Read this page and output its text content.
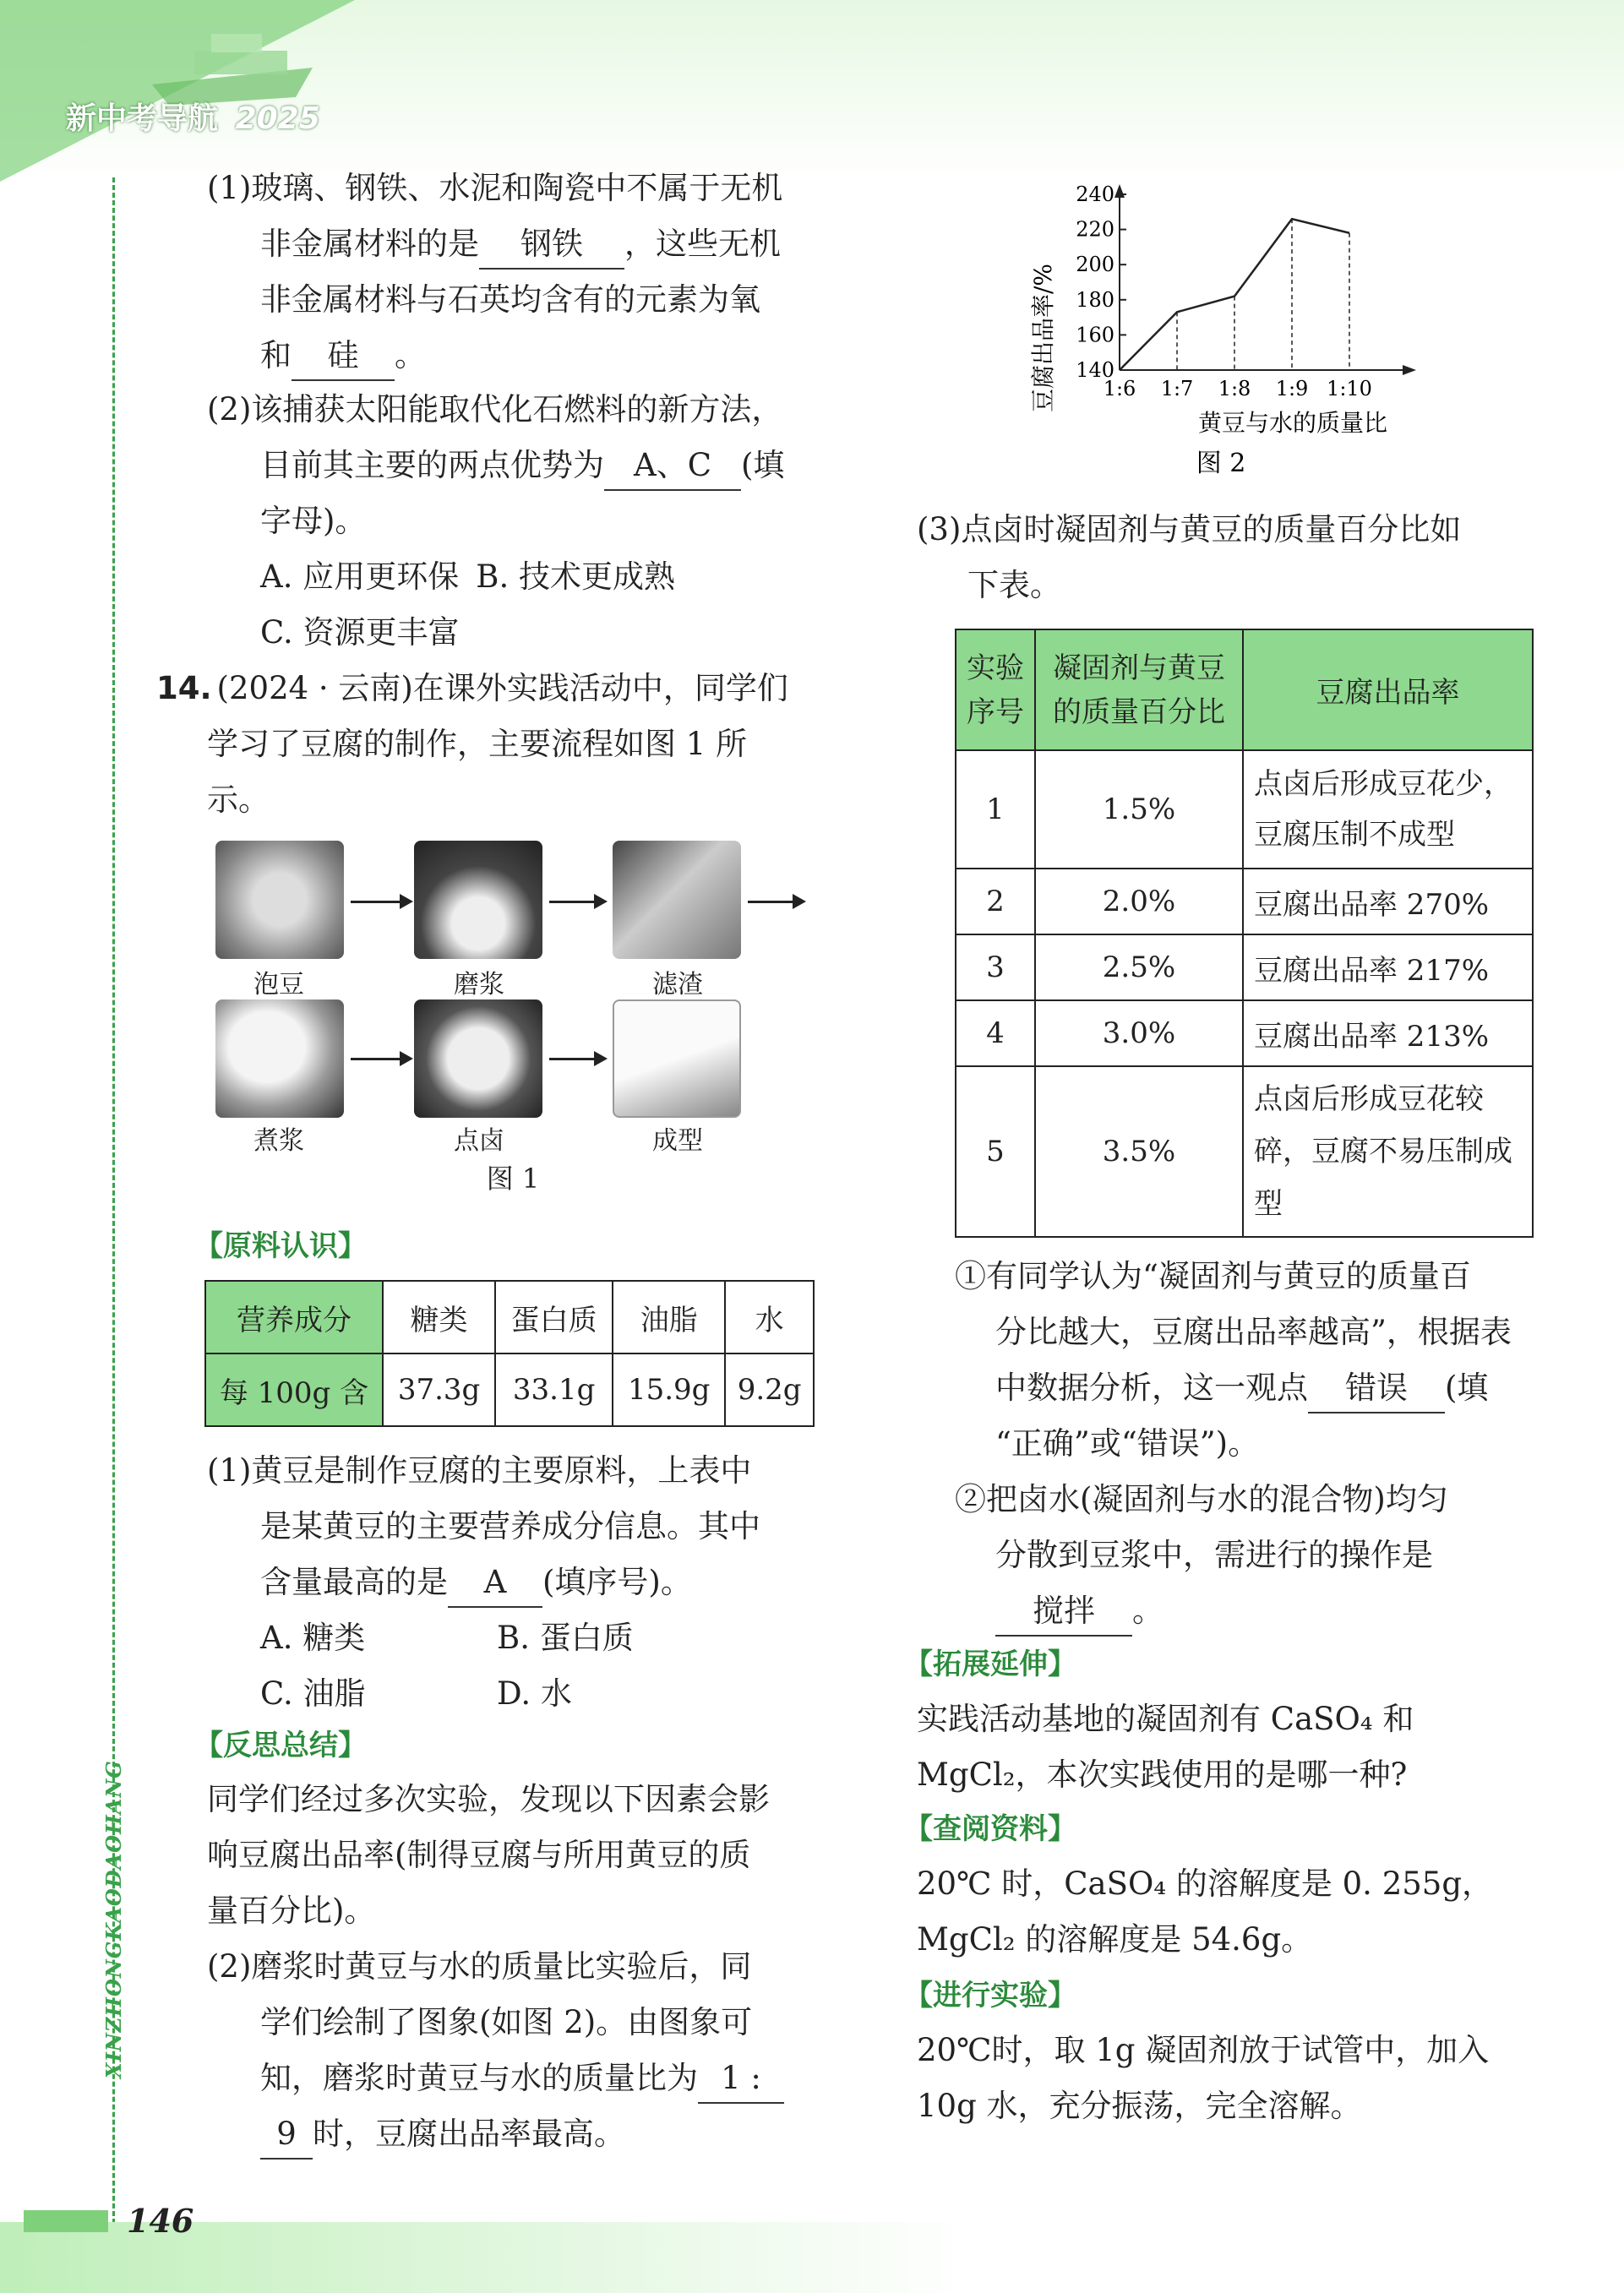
新中考导航 2025
XINZHONGKAODAOHANG
146
(1)玻璃、钢铁、水泥和陶瓷中不属于无机
非金属材料的是 钢铁 ，这些无机
非金属材料与石英均含有的元素为氧
和 硅 。
(2)该捕获太阳能取代化石燃料的新方法，
目前其主要的两点优势为 A、C (填
字母)。
A. 应用更环保 B. 技术更成熟
C. 资源更丰富
14. (2024 · 云南)在课外实践活动中，同学们
学习了豆腐的制作，主要流程如图 1 所
示。
泡豆	磨浆	滤渣
煮浆	点卤	成型
图 1
【原料认识】
营养成分	糖类	蛋白质	油脂	水
每 100g 含	37.3g	33.1g	15.9g	9.2g
(1)黄豆是制作豆腐的主要原料，上表中
是某黄豆的主要营养成分信息。其中
含量最高的是 A (填序号)。
A. 糖类	B. 蛋白质
C. 油脂	D. 水
【反思总结】
同学们经过多次实验，发现以下因素会影
响豆腐出品率(制得豆腐与所用黄豆的质
量百分比)。
(2)磨浆时黄豆与水的质量比实验后，同
学们绘制了图象(如图 2)。由图象可
知，磨浆时黄豆与水的质量比为 1 :
9 时，豆腐出品率最高。
豆腐出品率/% 140
160
180
200
220
240
1:6 1:7 1:8 1:9 1:10
黄豆与水的质量比
图 2
(3)点卤时凝固剂与黄豆的质量百分比如
下表。
实验序号	凝固剂与黄豆的质量百分比	豆腐出品率
1	1.5%	点卤后形成豆花少，豆腐压制不成型
2	2.0%	豆腐出品率 270%
3	2.5%	豆腐出品率 217%
4	3.0%	豆腐出品率 213%
5	3.5%	点卤后形成豆花较碎，豆腐不易压制成型
①有同学认为“凝固剂与黄豆的质量百
分比越大，豆腐出品率越高”，根据表
中数据分析，这一观点 错误 (填
“正确”或“错误”)。
②把卤水(凝固剂与水的混合物)均匀
分散到豆浆中，需进行的操作是
搅拌 。
【拓展延伸】
实践活动基地的凝固剂有 CaSO₄ 和
MgCl₂，本次实践使用的是哪一种?
【查阅资料】
20℃ 时，CaSO₄ 的溶解度是 0. 255g，
MgCl₂ 的溶解度是 54.6g。
【进行实验】
20℃时，取 1g 凝固剂放于试管中，加入
10g 水，充分振荡，完全溶解。
